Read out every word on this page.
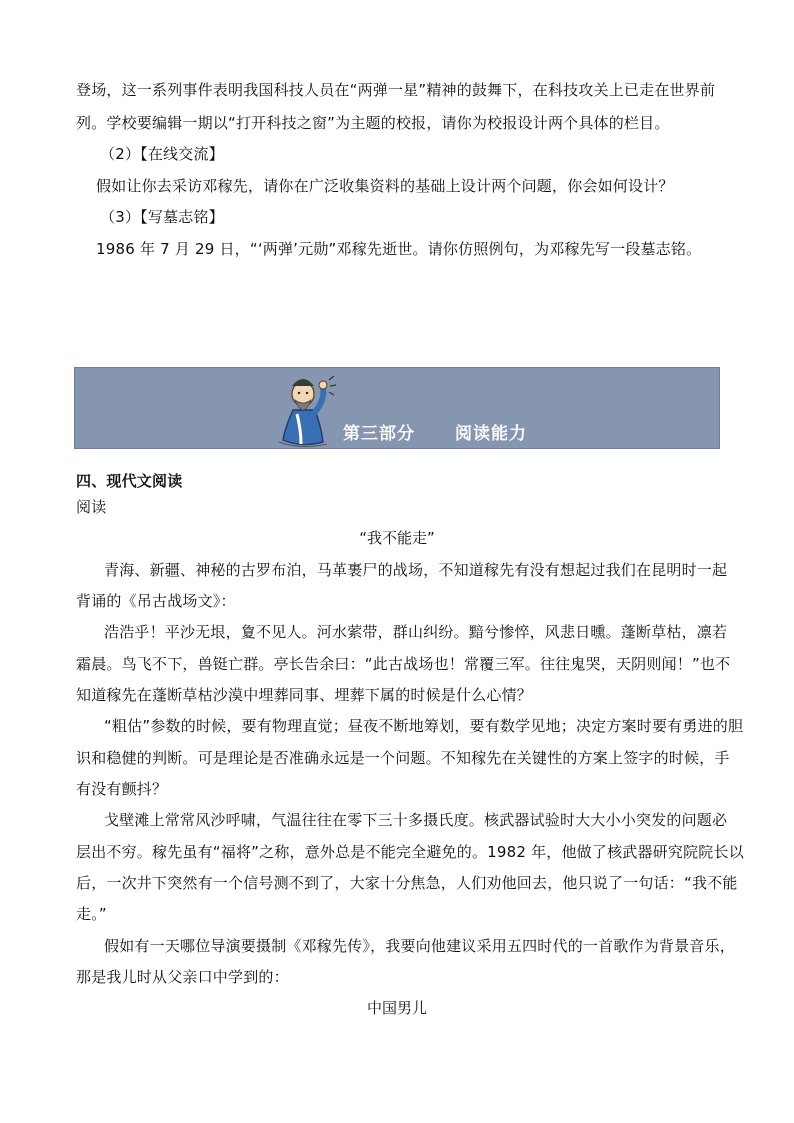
登场，这一系列事件表明我国科技人员在“两弹一星”精神的鼓舞下，在科技攻关上已走在世界前
列。学校要编辑一期以“打开科技之窗”为主题的校报，请你为校报设计两个具体的栏目。
（2）【在线交流】
假如让你去采访邓稼先，请你在广泛收集资料的基础上设计两个问题，你会如何设计？
（3）【写墓志铭】
1986 年 7 月 29 日，“‘两弹’元勋”邓稼先逝世。请你仿照例句，为邓稼先写一段墓志铭。
第三部分 阅读能力
四、现代文阅读
阅读
“我不能走”
青海、新疆、神秘的古罗布泊，马革裹尸的战场，不知道稼先有没有想起过我们在昆明时一起
背诵的《吊古战场文》：
浩浩乎！平沙无垠，夐不见人。河水萦带，群山纠纷。黯兮惨悴，风悲日曛。蓬断草枯，凛若
霜晨。鸟飞不下，兽铤亡群。亭长告余曰：“此古战场也！常覆三军。往往鬼哭，天阴则闻！”也不
知道稼先在蓬断草枯沙漠中埋葬同事、埋葬下属的时候是什么心情？
“粗估”参数的时候，要有物理直觉；昼夜不断地筹划，要有数学见地；决定方案时要有勇进的胆
识和稳健的判断。可是理论是否准确永远是一个问题。不知稼先在关键性的方案上签字的时候，手
有没有颤抖？
戈壁滩上常常风沙呼啸，气温往往在零下三十多摄氏度。核武器试验时大大小小突发的问题必
层出不穷。稼先虽有“福将”之称，意外总是不能完全避免的。1982 年，他做了核武器研究院院长以
后，一次井下突然有一个信号测不到了，大家十分焦急，人们劝他回去，他只说了一句话：“我不能
走。”
假如有一天哪位导演要摄制《邓稼先传》，我要向他建议采用五四时代的一首歌作为背景音乐，
那是我儿时从父亲口中学到的：
中国男儿
